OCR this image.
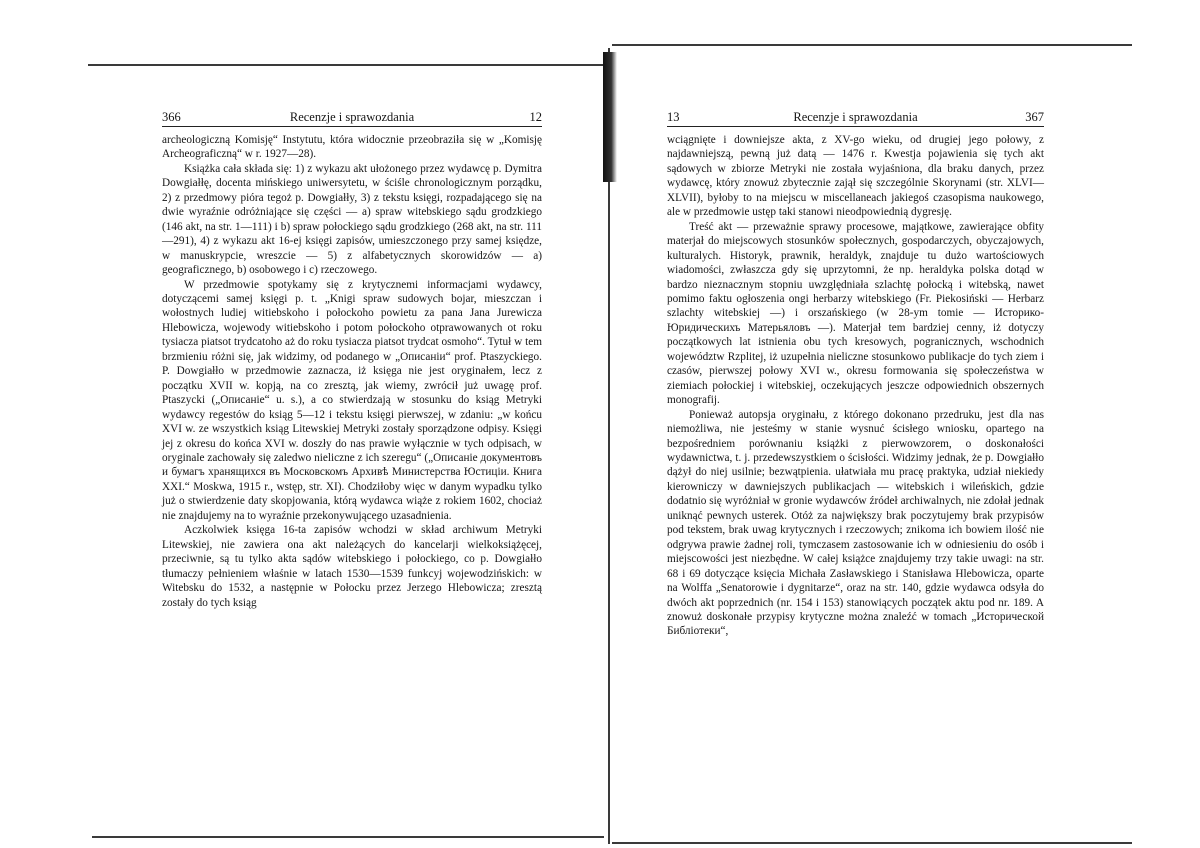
366	Recenzje i sprawozdania	12

archeologiczną Komisję“ Instytutu, która widocznie przeobraziła się w „Komisję Archeograficzną“ w r. 1927—28).

Książka cała składa się: 1) z wykazu akt ułożonego przez wydawcę p. Dymitra Dowgiałłę, docenta mińskiego uniwersytetu, w ściśle chronologicznym porządku, 2) z przedmowy pióra tegoż p. Dowgiałły, 3) z tekstu księgi, rozpadającego się na dwie wyraźnie odróżniające się części — a) spraw witebskiego sądu grodzkiego (146 akt, na str. 1—111) i b) spraw połockiego sądu grodzkiego (268 akt, na str. 111—291), 4) z wykazu akt 16-ej księgi zapisów, umieszczonego przy samej księdze, w manuskrypcie, wreszcie — 5) z alfabetycznych skorowidzów — a) geograficznego, b) osobowego i c) rzeczowego.

W przedmowie spotykamy się z krytycznemi informacjami wydawcy, dotyczącemi samej księgi p. t. „Knigi spraw sudowych bojar, mieszczan i wołostnych ludiej witiebskoho i połockoho powietu za pana Jana Jurewicza Hlebowicza, wojewody witiebskoho i potom połockoho otprawowanych ot roku tysiacza piatsot trydcatoho aż do roku tysiacza piatsot trydcat osmoho“. Tytuł w tem brzmieniu różni się, jak widzimy, od podanego w „Описаніи“ prof. Ptaszyckiego. P. Dowgiałło w przedmowie zaznacza, iż księga nie jest oryginałem, lecz z początku XVII w. kopją, na co zresztą, jak wiemy, zwrócił już uwagę prof. Ptaszycki („Описаніе“ u. s.), a co stwierdzają w stosunku do ksiąg Metryki wydawcy regestów do ksiąg 5—12 i tekstu księgi pierwszej, w zdaniu: „w końcu XVI w. ze wszystkich ksiąg Litewskiej Metryki zostały sporządzone odpisy. Księgi jej z okresu do końca XVI w. doszły do nas prawie wyłącznie w tych odpisach, w oryginale zachowały się zaledwo nieliczne z ich szeregu“ („Описаніе документовъ и бумагъ хранящихся въ Московскомъ Архивѣ Министерства Юстиціи. Книга XXI.“ Moskwa, 1915 r., wstęp, str. XI). Chodziłoby więc w danym wypadku tylko już o stwierdzenie daty skopjowania, którą wydawca wiąże z rokiem 1602, chociaż nie znajdujemy na to wyraźnie przekonywującego uzasadnienia.

Aczkolwiek księga 16-ta zapisów wchodzi w skład archiwum Metryki Litewskiej, nie zawiera ona akt należących do kancelarji wielkoksiążęcej, przeciwnie, są tu tylko akta sądów witebskiego i połockiego, co p. Dowgiałło tłumaczy pełnieniem właśnie w latach 1530—1539 funkcyj wojewodzińskich: w Witebsku do 1532, a następnie w Połocku przez Jerzego Hlebowicza; zresztą zostały do tych ksiąg

13	Recenzje i sprawozdania	367

wciągnięte i downiejsze akta, z XV-go wieku, od drugiej jego połowy, z najdawniejszą, pewną już datą — 1476 r. Kwestja pojawienia się tych akt sądowych w zbiorze Metryki nie została wyjaśniona, dla braku danych, przez wydawcę, który znowuż zbytecznie zajął się szczególnie Skorynami (str. XLVI—XLVII), byłoby to na miejscu w miscellaneach jakiegoś czasopisma naukowego, ale w przedmowie ustęp taki stanowi nieodpowiednią dygresję.

Treść akt — przeważnie sprawy procesowe, majątkowe, zawierające obfity materjał do miejscowych stosunków społecznych, gospodarczych, obyczajowych, kulturalych. Historyk, prawnik, heraldyk, znajduje tu dużo wartościowych wiadomości, zwłaszcza gdy się uprzytomni, że np. heraldyka polska dotąd w bardzo nieznacznym stopniu uwzględniała szlachtę połocką i witebską, nawet pomimo faktu ogłoszenia ongi herbarzy witebskiego (Fr. Piekosiński — Herbarz szlachty witebskiej —) i orszańskiego (w 28-ym tomie — Историко-Юридическихъ Матерьяловъ —). Materjał tem bardziej cenny, iż dotyczy początkowych lat istnienia obu tych kresowych, pogranicznych, wschodnich województw Rzplitej, iż uzupełnia nieliczne stosunkowo publikacje do tych ziem i czasów, pierwszej połowy XVI w., okresu formowania się społeczeństwa w ziemiach połockiej i witebskiej, oczekujących jeszcze odpowiednich obszernych monografij.

Ponieważ autopsja oryginału, z którego dokonano przedruku, jest dla nas niemożliwa, nie jesteśmy w stanie wysnuć ścisłego wniosku, opartego na bezpośredniem porównaniu książki z pierwowzorem, o doskonałości wydawnictwa, t. j. przedewszystkiem o ścisłości. Widzimy jednak, że p. Dowgiałło dążył do niej usilnie; bezwątpienia. ułatwiała mu pracę praktyka, udział niekiedy kierowniczy w dawniejszych publikacjach — witebskich i wileńskich, gdzie dodatnio się wyróżniał w gronie wydawców źródeł archiwalnych, nie zdołał jednak uniknąć pewnych usterek. Otóż za największy brak poczytujemy brak przypisów pod tekstem, brak uwag krytycznych i rzeczowych; znikoma ich bowiem ilość nie odgrywa prawie żadnej roli, tymczasem zastosowanie ich w odniesieniu do osób i miejscowości jest niezbędne. W całej książce znajdujemy trzy takie uwagi: na str. 68 i 69 dotyczące księcia Michała Zasławskiego i Stanisława Hlebowicza, oparte na Wolffa „Senatorowie i dygnitarze“, oraz na str. 140, gdzie wydawca odsyła do dwóch akt poprzednich (nr. 154 i 153) stanowiących początek aktu pod nr. 189. A znowuż doskonałe przypisy krytyczne można znaleźć w tomach „Исторической Библіотеки“,
